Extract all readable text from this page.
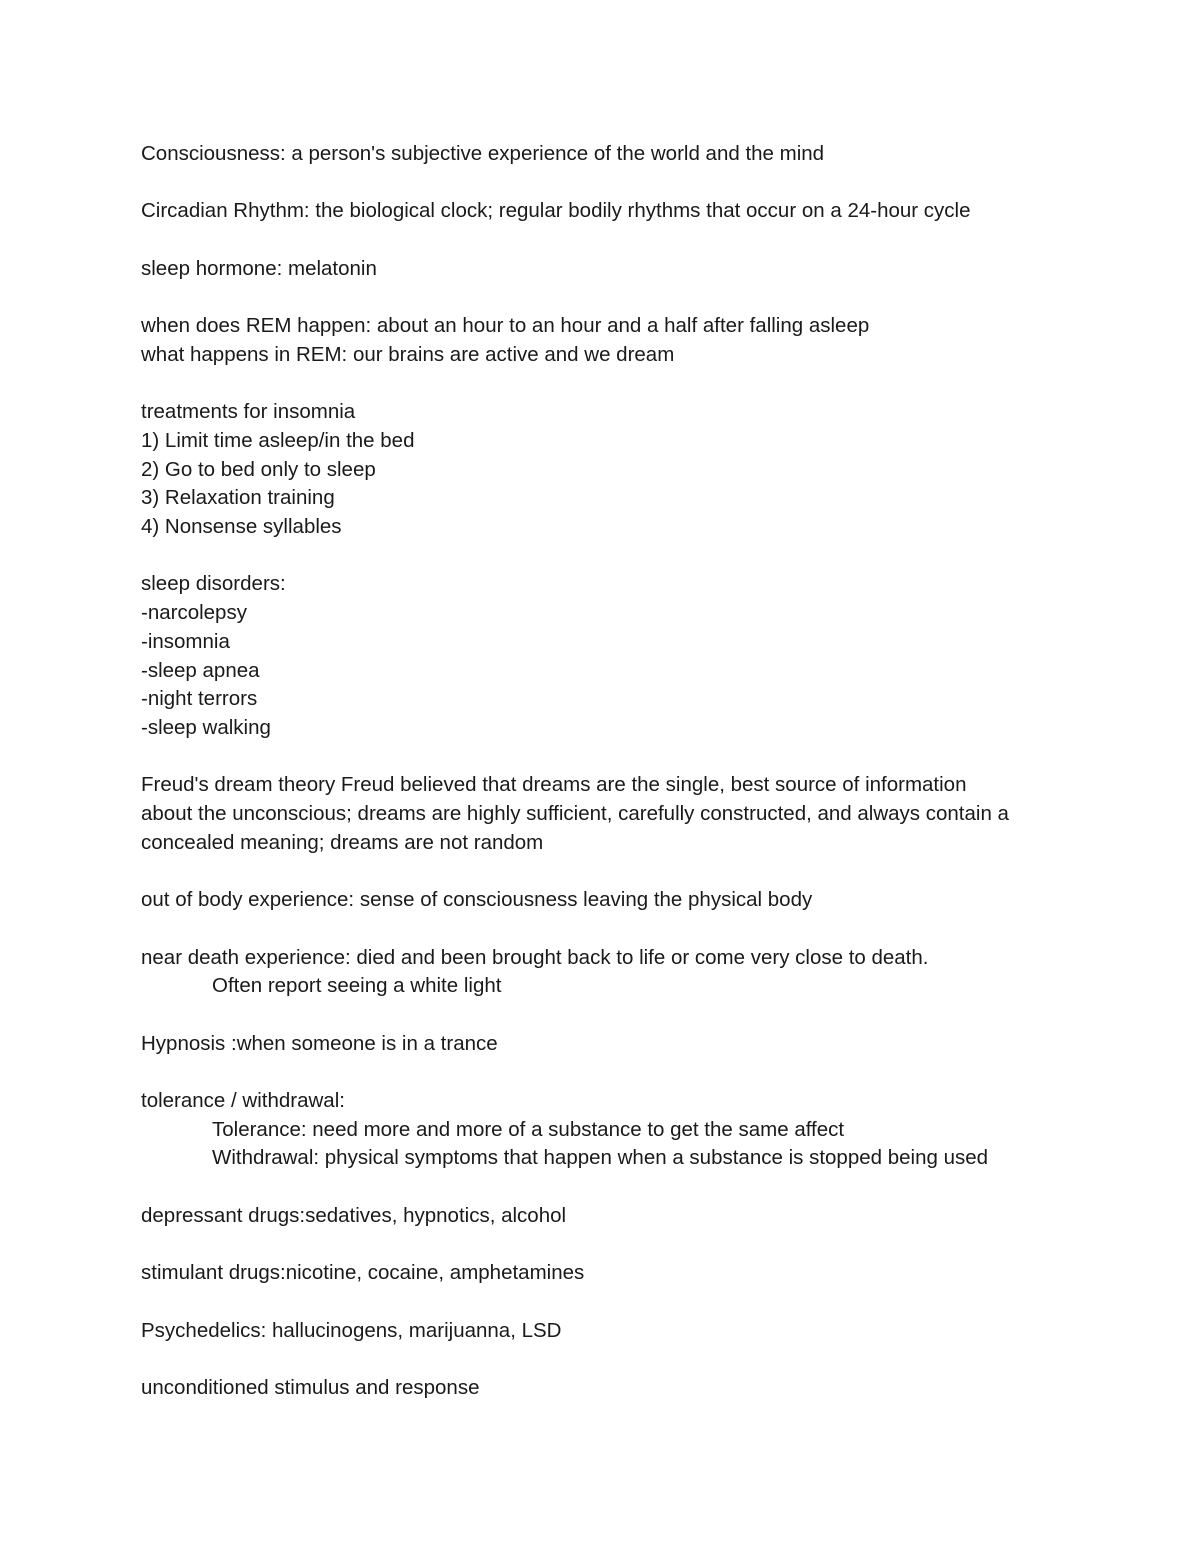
Consciousness: a person's subjective experience of the world and the mind
Circadian Rhythm: the biological clock; regular bodily rhythms that occur on a 24-hour cycle
sleep hormone: melatonin
when does REM happen: about an hour to an hour and a half after falling asleep
what happens in REM: our brains are active and we dream
treatments for insomnia
1) Limit time asleep/in the bed
2) Go to bed only to sleep
3) Relaxation training
4) Nonsense syllables
sleep disorders:
-narcolepsy
-insomnia
-sleep apnea
-night terrors
-sleep walking
Freud's dream theory Freud believed that dreams are the single, best source of information
about the unconscious; dreams are highly sufficient, carefully constructed, and always contain a
concealed meaning; dreams are not random
out of body experience: sense of consciousness leaving the physical body
near death experience: died and been brought back to life or come very close to death.
Often report seeing a white light
Hypnosis :when someone is in a trance
tolerance / withdrawal:
Tolerance: need more and more of a substance to get the same affect
Withdrawal: physical symptoms that happen when a substance is stopped being used
depressant drugs:sedatives, hypnotics, alcohol
stimulant drugs:nicotine, cocaine, amphetamines
Psychedelics: hallucinogens, marijuanna, LSD
unconditioned stimulus and response
